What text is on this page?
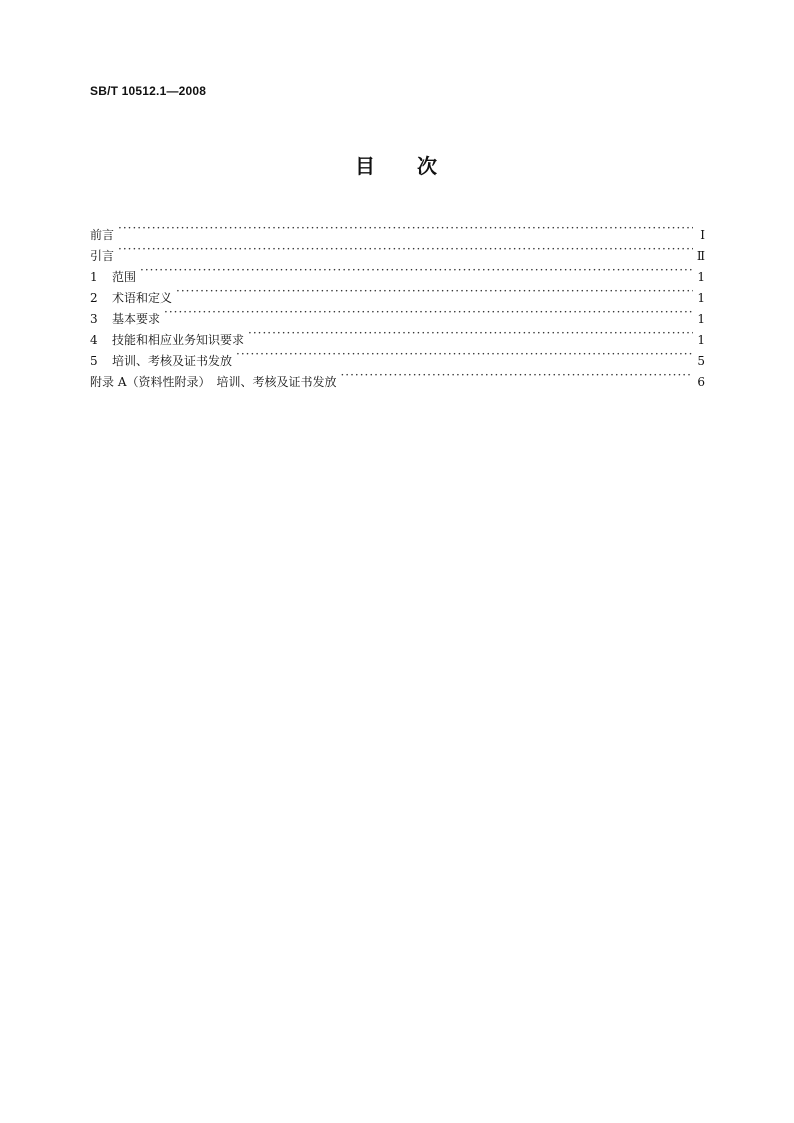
SB/T 10512.1—2008
目 次
前言 ·····	Ⅰ
引言 ·····	Ⅱ
1	范围 ·····	1
2	术语和定义 ·····	1
3	基本要求 ·····	1
4	技能和相应业务知识要求 ·····	1
5	培训、考核及证书发放 ·····	5
附录 A（资料性附录）　培训、考核及证书发放 ·····	6
